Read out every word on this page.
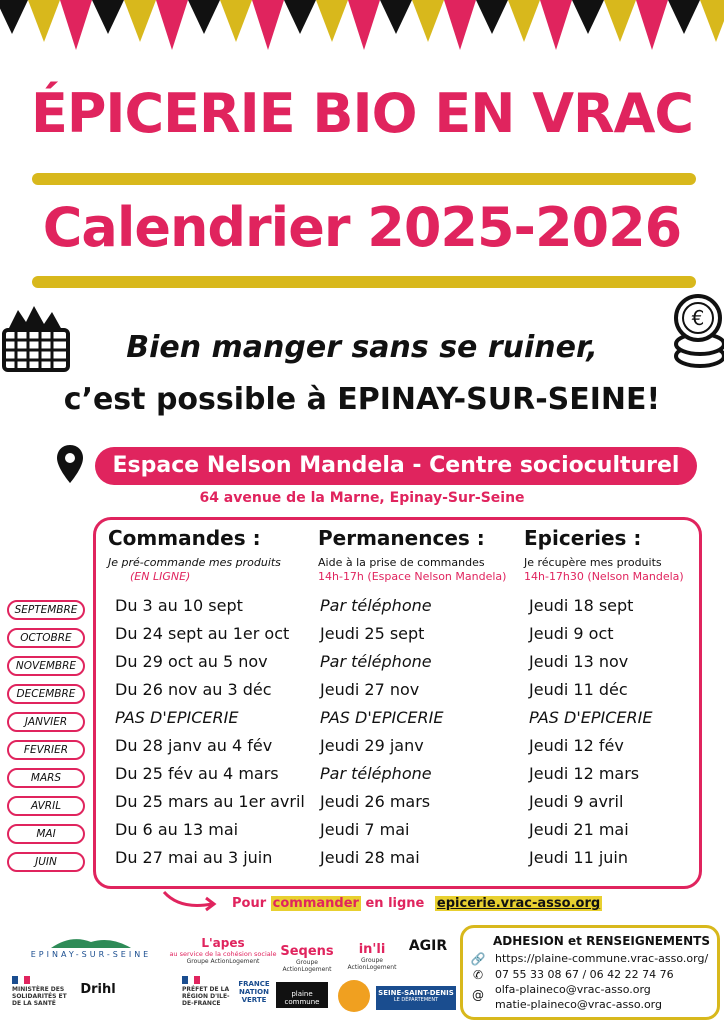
ÉPICERIE BIO EN VRAC
Calendrier 2025-2026
€
Bien manger sans se ruiner,
c’est possible à EPINAY-SUR-SEINE!
Espace Nelson Mandela - Centre socioculturel
64 avenue de la Marne, Epinay-Sur-Seine
Commandes :
Je pré-commande mes produits
(EN LIGNE)
Permanences :
Aide à la prise de commandes
14h-17h (Espace Nelson Mandela)
Epiceries :
Je récupère mes produits
14h-17h30 (Nelson Mandela)
SEPTEMBRE	Du 3 au 10 sept	Par téléphone	Jeudi 18 sept
OCTOBRE	Du 24 sept au 1er oct Jeudi 25 sept	Jeudi 9 oct
NOVEMBRE	Du 29 oct au 5 nov	Par téléphone	Jeudi 13 nov
DECEMBRE	Du 26 nov au 3 déc	Jeudi 27 nov	Jeudi 11 déc
JANVIER	PAS D'EPICERIE	PAS D'EPICERIE	PAS D'EPICERIE
FEVRIER	Du 28 janv au 4 fév	Jeudi 29 janv	Jeudi 12 fév
MARS	Du 25 fév au 4 mars	Par téléphone	Jeudi 12 mars
AVRIL	Du 25 mars au 1er avril Jeudi 26 mars	Jeudi 9 avril
MAI	Du 6 au 13 mai	Jeudi 7 mai	Jeudi 21 mai
JUIN	Du 27 mai au 3 juin	Jeudi 28 mai	Jeudi 11 juin
Pour commander en ligne epicerie.vrac-asso.org
EPINAY-SUR-SEINE
L'apes
au service de la cohésion sociale
Groupe ActionLogement
Seqens
Groupe ActionLogement
in'li
Groupe ActionLogement
AGIR
MINISTÈRE DES SOLIDARITÉS ET DE LA SANTÉ
Drihl	PRÉFET DE LA RÉGION D'ILE-DE-FRANCE
FRANCE NATION VERTE
plaine commune
SEINE-SAINT-DENIS
LE DÉPARTEMENT
ADHESION et RENSEIGNEMENTS
🔗 https://plaine-commune.vrac-asso.org/
✆	07 55 33 08 67 / 06 42 22 74 76
@ olfa-plaineco@vrac-asso.org
matie-plaineco@vrac-asso.org
